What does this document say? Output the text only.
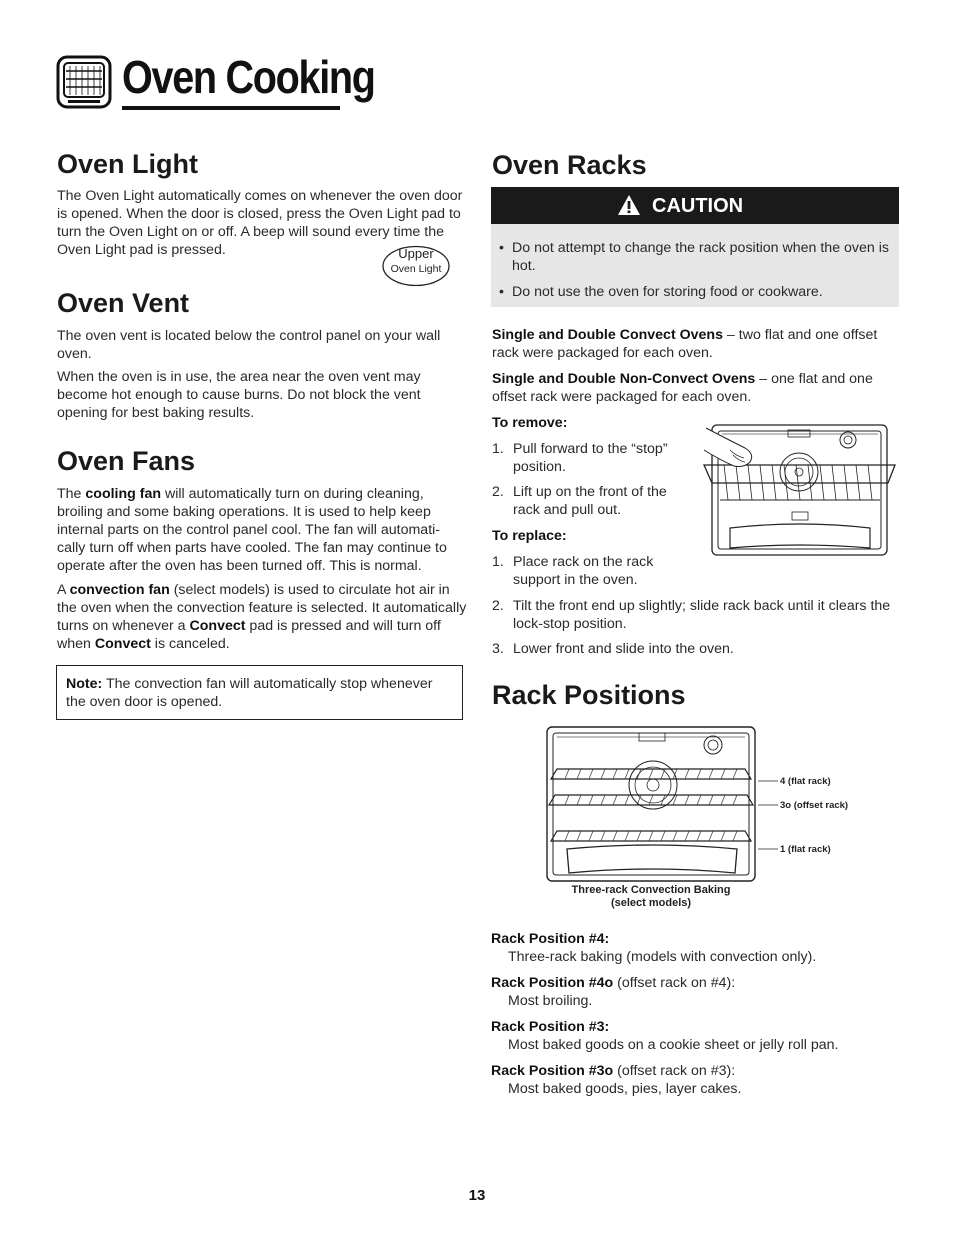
Oven Cooking
Oven Light

The Oven Light automatically comes on whenever the oven door is opened. When the door is closed, press the Oven Light pad to turn the Oven Light on or off. A beep will sound every time the Oven Light pad is pressed.	Upper
Oven Light
Oven Vent

The oven vent is located below the control panel on your wall oven.

When the oven is in use, the area near the oven vent may become hot enough to cause burns. Do not block the vent opening for best baking results.

Oven Fans

The cooling fan will automatically turn on during cleaning, broiling and some baking operations. It is used to help keep internal parts on the control panel cool. The fan will automati-cally turn off when parts have cooled. The fan may continue to operate after the oven has been turned off. This is normal.

A convection fan (select models) is used to circulate hot air in the oven when the convection feature is selected. It automatically turns on whenever a Convect pad is pressed and will turn off when Convect is canceled.

Note: The convection fan will automatically stop whenever the oven door is opened.

Oven Racks
CAUTION
• Do not attempt to change the rack position when the oven is hot.
• Do not use the oven for storing food or cookware.

Single and Double Convect Ovens – two flat and one offset rack were packaged for each oven.

Single and Double Non-Convect Ovens – one flat and one offset rack were packaged for each oven.

To remove:

1. Pull forward to the “stop” position.
2. Lift up on the front of the rack and pull out.

To replace:

1. Place rack on the rack support in the oven.
2. Tilt the front end up slightly; slide rack back until it clears the lock-stop position.
3. Lower front and slide into the oven.
Rack Positions
4 (flat rack)
3o (offset rack)
1 (flat rack)
Three-rack Convection Baking
(select models)

Rack Position #4:

Three-rack baking (models with convection only).

Rack Position #4o (offset rack on #4):

Most broiling.

Rack Position #3:

Most baked goods on a cookie sheet or jelly roll pan.

Rack Position #3o (offset rack on #3):

Most baked goods, pies, layer cakes.

13
